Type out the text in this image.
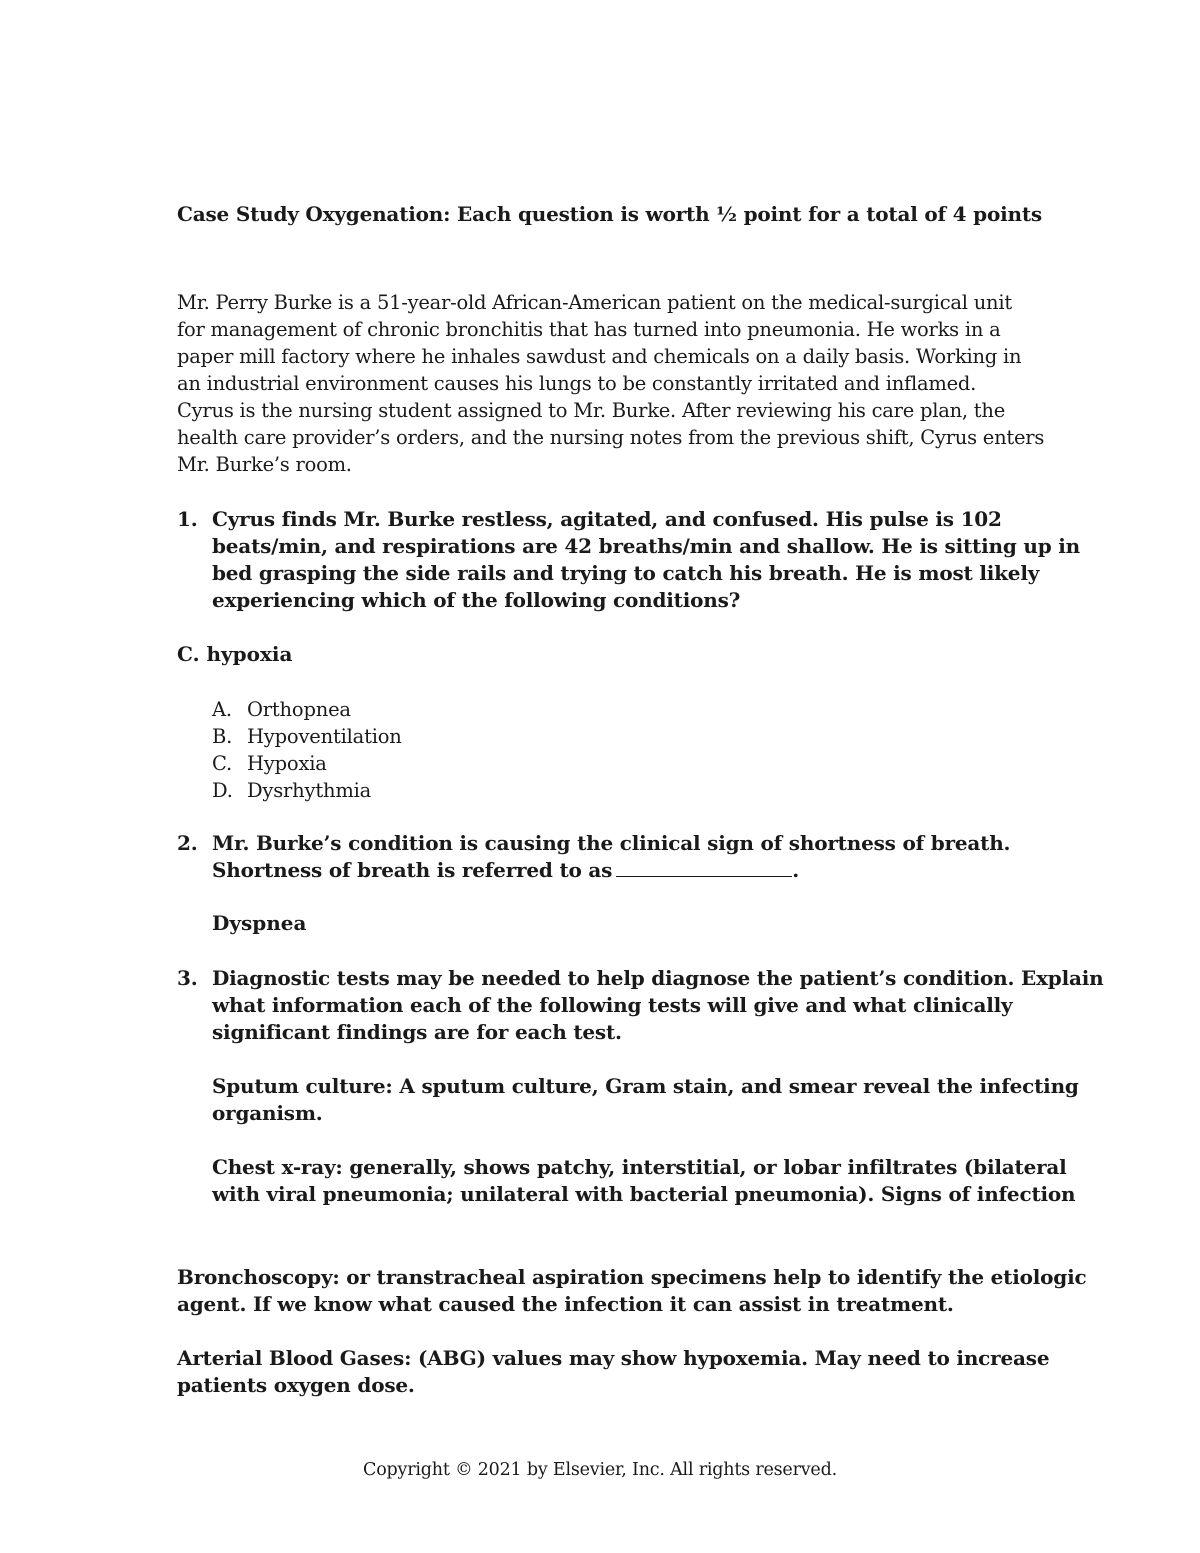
Case Study Oxygenation: Each question is worth ½ point for a total of 4 points
Mr. Perry Burke is a 51-year-old African-American patient on the medical-surgical unit
for management of chronic bronchitis that has turned into pneumonia. He works in a
paper mill factory where he inhales sawdust and chemicals on a daily basis. Working in
an industrial environment causes his lungs to be constantly irritated and inflamed.
Cyrus is the nursing student assigned to Mr. Burke. After reviewing his care plan, the
health care provider’s orders, and the nursing notes from the previous shift, Cyrus enters
Mr. Burke’s room.
1. Cyrus finds Mr. Burke restless, agitated, and confused. His pulse is 102
beats/min, and respirations are 42 breaths/min and shallow. He is sitting up in
bed grasping the side rails and trying to catch his breath. He is most likely
experiencing which of the following conditions?
C. hypoxia
A. Orthopnea
B. Hypoventilation
C. Hypoxia
D. Dysrhythmia
2. Mr. Burke’s condition is causing the clinical sign of shortness of breath.
Shortness of breath is referred to as	.
Dyspnea
3. Diagnostic tests may be needed to help diagnose the patient’s condition. Explain
what information each of the following tests will give and what clinically
significant findings are for each test.
Sputum culture: A sputum culture, Gram stain, and smear reveal the infecting
organism.
Chest x-ray: generally, shows patchy, interstitial, or lobar infiltrates (bilateral
with viral pneumonia; unilateral with bacterial pneumonia). Signs of infection
Bronchoscopy: or transtracheal aspiration specimens help to identify the etiologic
agent. If we know what caused the infection it can assist in treatment.
Arterial Blood Gases: (ABG) values may show hypoxemia. May need to increase
patients oxygen dose.
Copyright © 2021 by Elsevier, Inc. All rights reserved.
